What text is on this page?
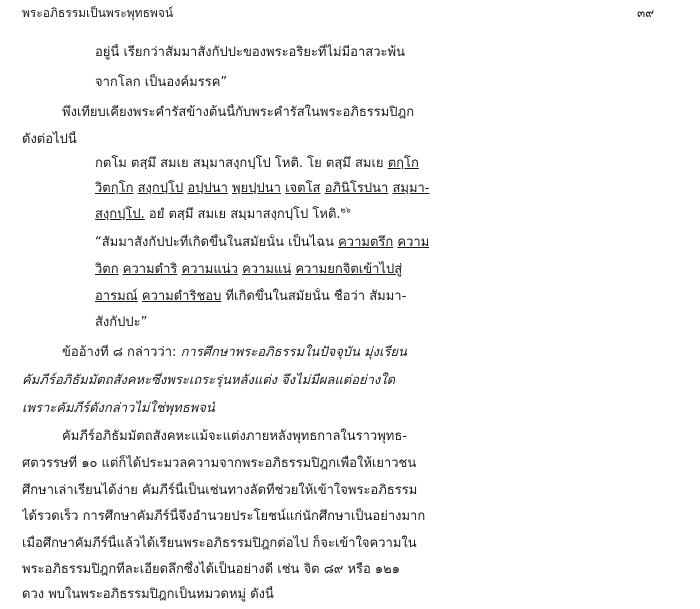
พระอภิธรรมเป็นพระพุทธพจน์	๓๙
อยู่นี้ เรียกว่าสัมมาสังกัปปะของพระอริยะที่ไม่มีอาสวะพ้น
จากโลก เป็นองค์มรรค”
พึงเทียบเคียงพระคำรัสข้างต้นนี้กับพระคำรัสในพระอภิธรรมปิฎก
ดังต่อไปนี้
กตโม ตสฺมึ สมเย สมฺมาสงฺกปฺโป โหติ. โย ตสฺมึ สมเย ตกฺโก
วิตกฺโก สงฺกปฺโป อปฺปนา พฺยปฺปนา เจตโส อภินิโรปนา สมฺมา-
สงฺกปฺโป. อยํ ตสฺมึ สมเย สมฺมาสงฺกปฺโป โหติ.$^{๒๖}$
“สัมมาสังกัปปะที่เกิดขึ้นในสมัยนั้น เป็นไฉน ความตรึก ความ
วิตก ความดำริ ความแน่ว ความแน่ ความยกจิตเข้าไปสู่
อารมณ์ ความดำริชอบ ที่เกิดขึ้นในสมัยนั้น ชื่อว่า สัมมา-
สังกัปปะ”
ข้ออ้างที่ ๘ กล่าวว่า: การศึกษาพระอภิธรรมในปัจจุบัน มุ่งเรียน
คัมภีร์อภิธัมมัตถสังคหะซึ่งพระเถระรุ่นหลังแต่ง จึงไม่มีผลแต่อย่างใด
เพราะคัมภีร์ดังกล่าวไม่ใช่พุทธพจน์
คัมภีร์อภิธัมมัตถสังคหะแม้จะแต่งภายหลังพุทธกาลในราวพุทธ-
ศตวรรษที่ ๑๐ แต่ก็ได้ประมวลความจากพระอภิธรรมปิฎกเพื่อให้เยาวชน
ศึกษาเล่าเรียนได้ง่าย คัมภีร์นี้เป็นเช่นทางลัดที่ช่วยให้เข้าใจพระอภิธรรม
ได้รวดเร็ว การศึกษาคัมภีร์นี้จึงอำนวยประโยชน์แก่นักศึกษาเป็นอย่างมาก
เมื่อศึกษาคัมภีร์นี้แล้วได้เรียนพระอภิธรรมปิฎกต่อไป ก็จะเข้าใจความใน
พระอภิธรรมปิฎกที่ละเอียดลึกซึ้งได้เป็นอย่างดี เช่น จิต ๘๙ หรือ ๑๒๑
ดวง พบในพระอภิธรรมปิฎกเป็นหมวดหมู่ ดังนี้
